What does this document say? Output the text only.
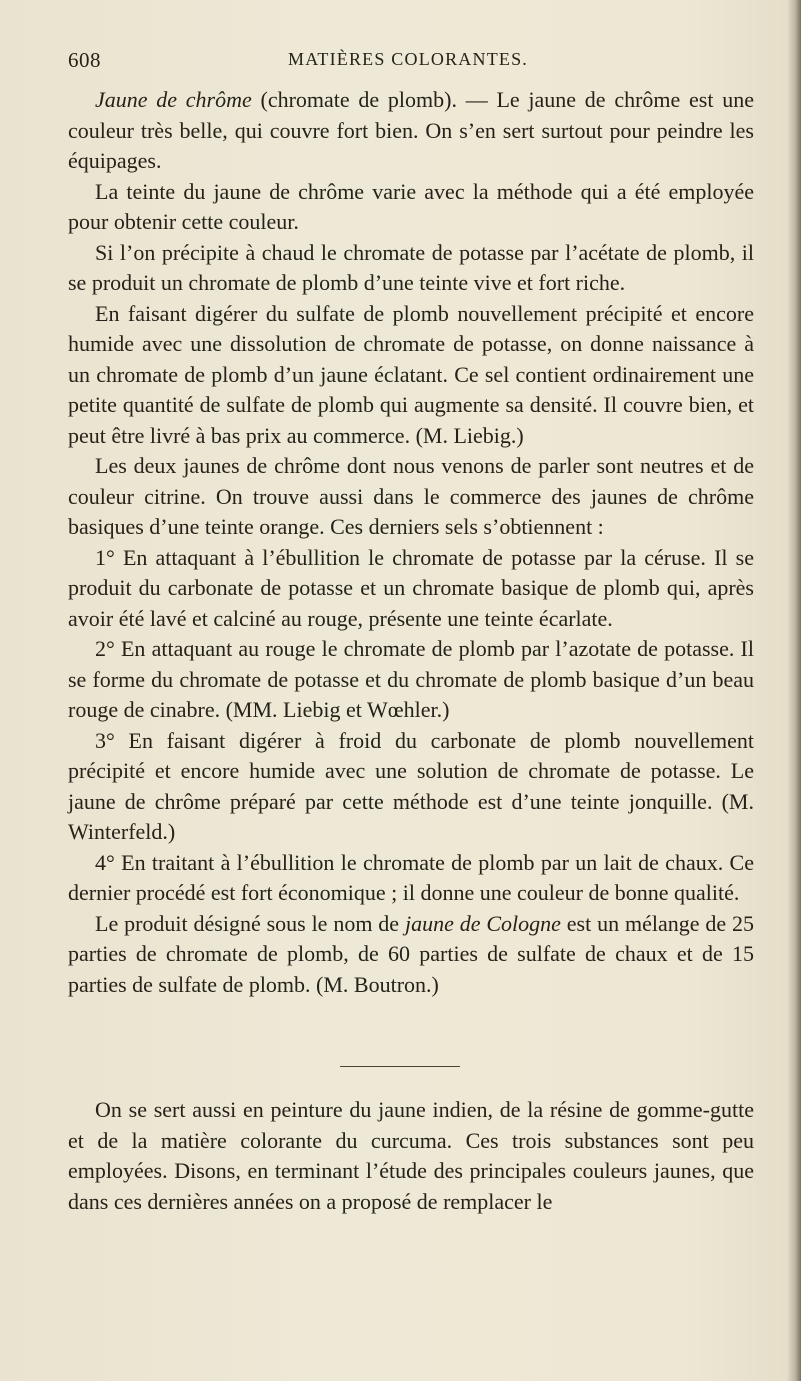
608	MATIÈRES COLORANTES.

Jaune de chrôme (chromate de plomb). — Le jaune de chrôme est une couleur très belle, qui couvre fort bien. On s’en sert surtout pour peindre les équipages.

La teinte du jaune de chrôme varie avec la méthode qui a été employée pour obtenir cette couleur.

Si l’on précipite à chaud le chromate de potasse par l’acétate de plomb, il se produit un chromate de plomb d’une teinte vive et fort riche.

En faisant digérer du sulfate de plomb nouvellement précipité et encore humide avec une dissolution de chromate de potasse, on donne naissance à un chromate de plomb d’un jaune éclatant. Ce sel contient ordinairement une petite quantité de sulfate de plomb qui augmente sa densité. Il couvre bien, et peut être livré à bas prix au commerce. (M. Liebig.)

Les deux jaunes de chrôme dont nous venons de parler sont neutres et de couleur citrine. On trouve aussi dans le commerce des jaunes de chrôme basiques d’une teinte orange. Ces derniers sels s’obtiennent :

1° En attaquant à l’ébullition le chromate de potasse par la céruse. Il se produit du carbonate de potasse et un chromate basique de plomb qui, après avoir été lavé et calciné au rouge, présente une teinte écarlate.

2° En attaquant au rouge le chromate de plomb par l’azotate de potasse. Il se forme du chromate de potasse et du chromate de plomb basique d’un beau rouge de cinabre. (MM. Liebig et Wœhler.)

3° En faisant digérer à froid du carbonate de plomb nouvellement précipité et encore humide avec une solution de chromate de potasse. Le jaune de chrôme préparé par cette méthode est d’une teinte jonquille. (M. Winterfeld.)

4° En traitant à l’ébullition le chromate de plomb par un lait de chaux. Ce dernier procédé est fort économique ; il donne une couleur de bonne qualité.

Le produit désigné sous le nom de jaune de Cologne est un mélange de 25 parties de chromate de plomb, de 60 parties de sulfate de chaux et de 15 parties de sulfate de plomb. (M. Boutron.)

On se sert aussi en peinture du jaune indien, de la résine de gomme-gutte et de la matière colorante du curcuma. Ces trois substances sont peu employées. Disons, en terminant l’étude des principales couleurs jaunes, que dans ces dernières années on a proposé de remplacer le
